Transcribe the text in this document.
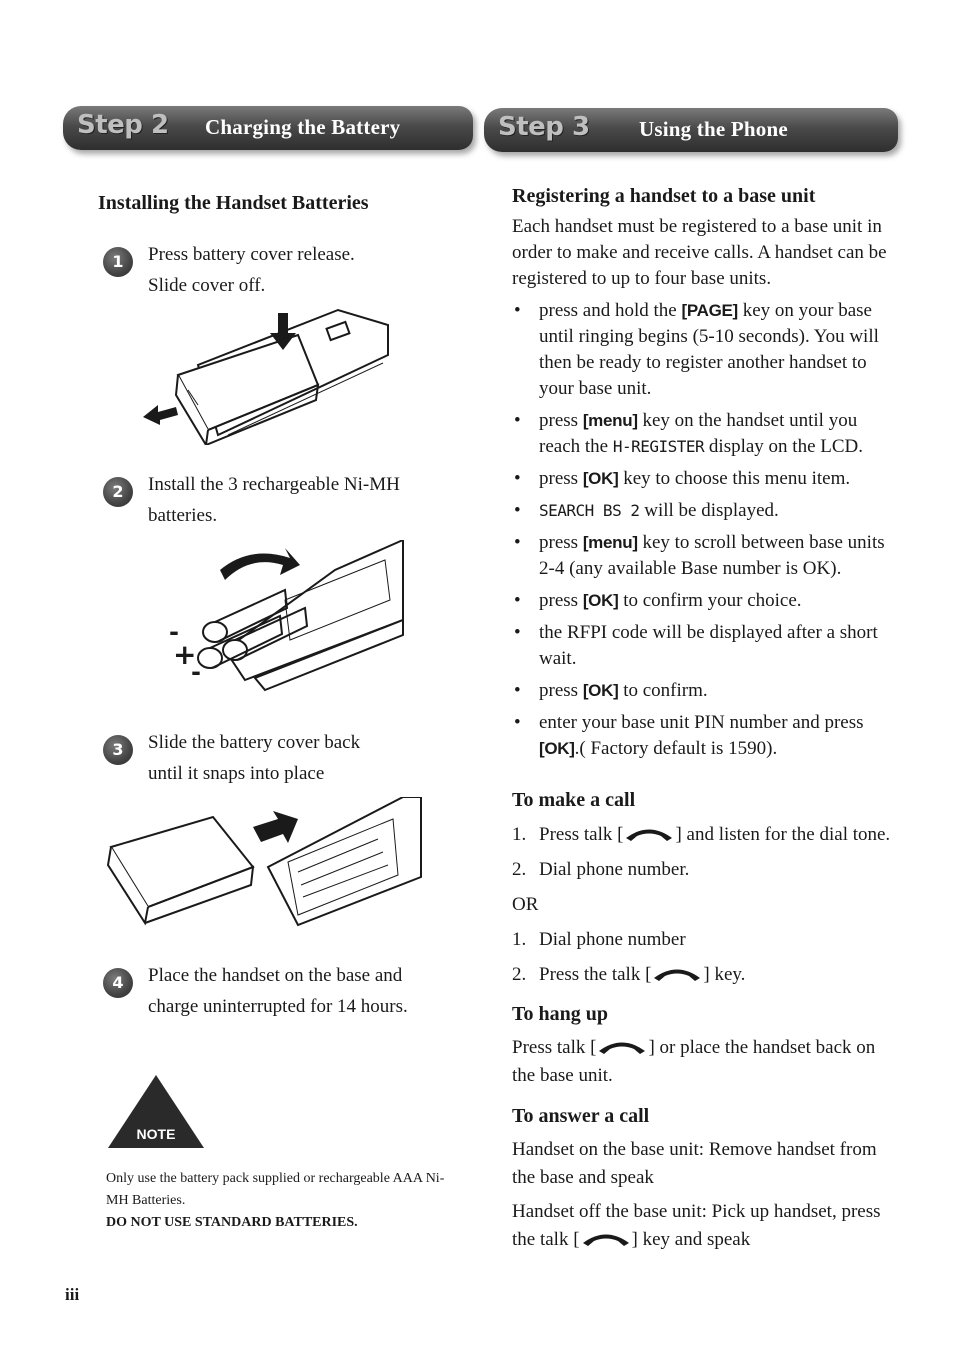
Step 2 Charging the Battery	Step 3 Using the Phone
Installing the Handset Batteries
1	Press battery cover release.
Slide cover off.
2	Install the 3 rechargeable Ni-MH
batteries.
-
+
-
3	Slide the battery cover back
until it snaps into place
4	Place the handset on the base and
charge uninterrupted for 14 hours.
NOTE
Only use the battery pack supplied or rechargeable AAA Ni-MH Batteries.
DO NOT USE STANDARD BATTERIES.
iii
Registering a handset to a base unit

Each handset must be registered to a base unit in order to make and receive calls. A handset can be registered to up to four base units.

• press and hold the [PAGE] key on your base until ringing begins (5-10 seconds). You will then be ready to register another handset to your base unit.
• press [menu] key on the handset until you reach the H-REGISTER display on the LCD.
• press [OK] key to choose this menu item.
• SEARCH BS 2 will be displayed.
• press [menu] key to scroll between base units 2-4 (any available Base number is OK).
• press [OK] to confirm your choice.
• the RFPI code will be displayed after a short wait.
• press [OK] to confirm.
• enter your base unit PIN number and press [OK].( Factory default is 1590).
To make a call
1. Press talk [	] and listen for the dial tone.
2. Dial phone number.

OR

1. Dial phone number
2. Press the talk [	] key.
To hang up

Press talk [	] or place the handset back on the base unit.

To answer a call

Handset on the base unit: Remove handset from the base and speak

Handset off the base unit: Pick up handset, press the talk [	] key and speak
